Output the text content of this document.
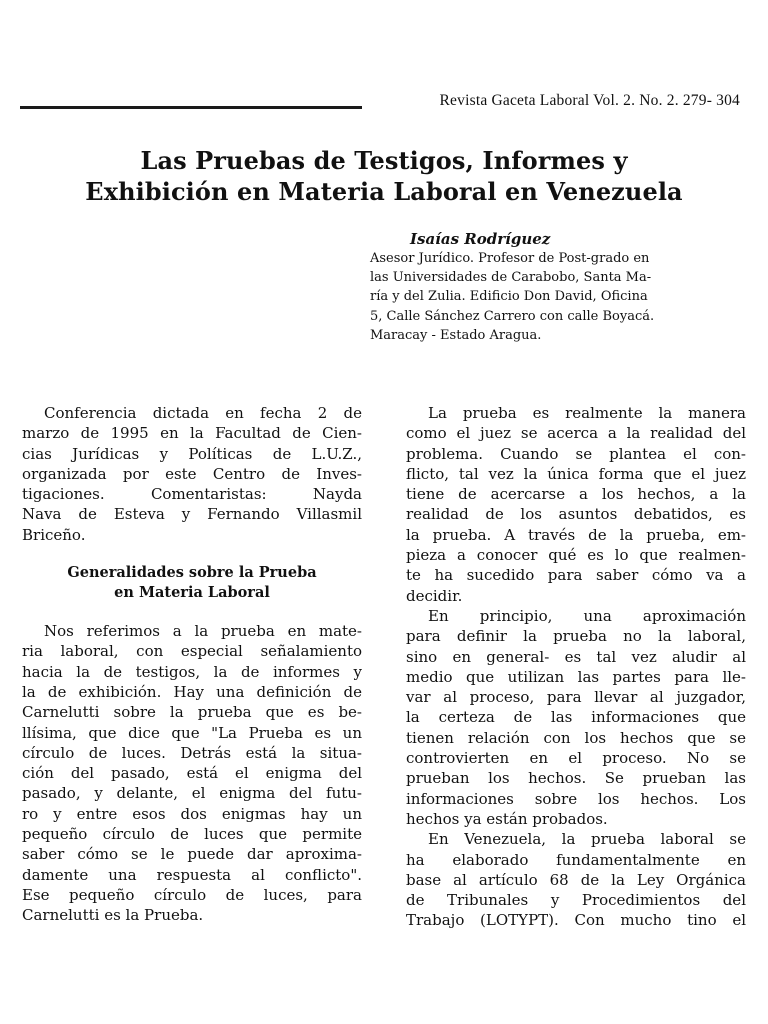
Revista Gaceta Laboral Vol. 2. No. 2. 279- 304
Las Pruebas de Testigos, Informes y
Exhibición en Materia Laboral en Venezuela

Isaías Rodríguez

Asesor Jurídico. Profesor de Post-grado en
las Universidades de Carabobo, Santa Ma-
ría y del Zulia. Edificio Don David, Oficina
5, Calle Sánchez Carrero con calle Boyacá.
Maracay - Estado Aragua.

Conferencia dictada en fecha 2 de
marzo de 1995 en la Facultad de Cien-
cias Jurídicas y Políticas de L.U.Z.,
organizada por este Centro de Inves-
tigaciones. Comentaristas: Nayda
Nava de Esteva y Fernando Villasmil
Briceño.

Generalidades sobre la Prueba
en Materia Laboral

Nos referimos a la prueba en mate-
ria laboral, con especial señalamiento
hacia la de testigos, la de informes y
la de exhibición. Hay una definición de
Carnelutti sobre la prueba que es be-
llísima, que dice que "La Prueba es un
círculo de luces. Detrás está la situa-
ción del pasado, está el enigma del
pasado, y delante, el enigma del futu-
ro y entre esos dos enigmas hay un
pequeño círculo de luces que permite
saber cómo se le puede dar aproxima-
damente una respuesta al conflicto".
Ese pequeño círculo de luces, para
Carnelutti es la Prueba.

La prueba es realmente la manera
como el juez se acerca a la realidad del
problema. Cuando se plantea el con-
flicto, tal vez la única forma que el juez
tiene de acercarse a los hechos, a la
realidad de los asuntos debatidos, es
la prueba. A través de la prueba, em-
pieza a conocer qué es lo que realmen-
te ha sucedido para saber cómo va a
decidir.

En principio, una aproximación
para definir la prueba no la laboral,
sino en general- es tal vez aludir al
medio que utilizan las partes para lle-
var al proceso, para llevar al juzgador,
la certeza de las informaciones que
tienen relación con los hechos que se
controvierten en el proceso. No se
prueban los hechos. Se prueban las
informaciones sobre los hechos. Los
hechos ya están probados.

En Venezuela, la prueba laboral se
ha elaborado fundamentalmente en
base al artículo 68 de la Ley Orgánica
de Tribunales y Procedimientos del
Trabajo (LOTYPT). Con mucho tino el
